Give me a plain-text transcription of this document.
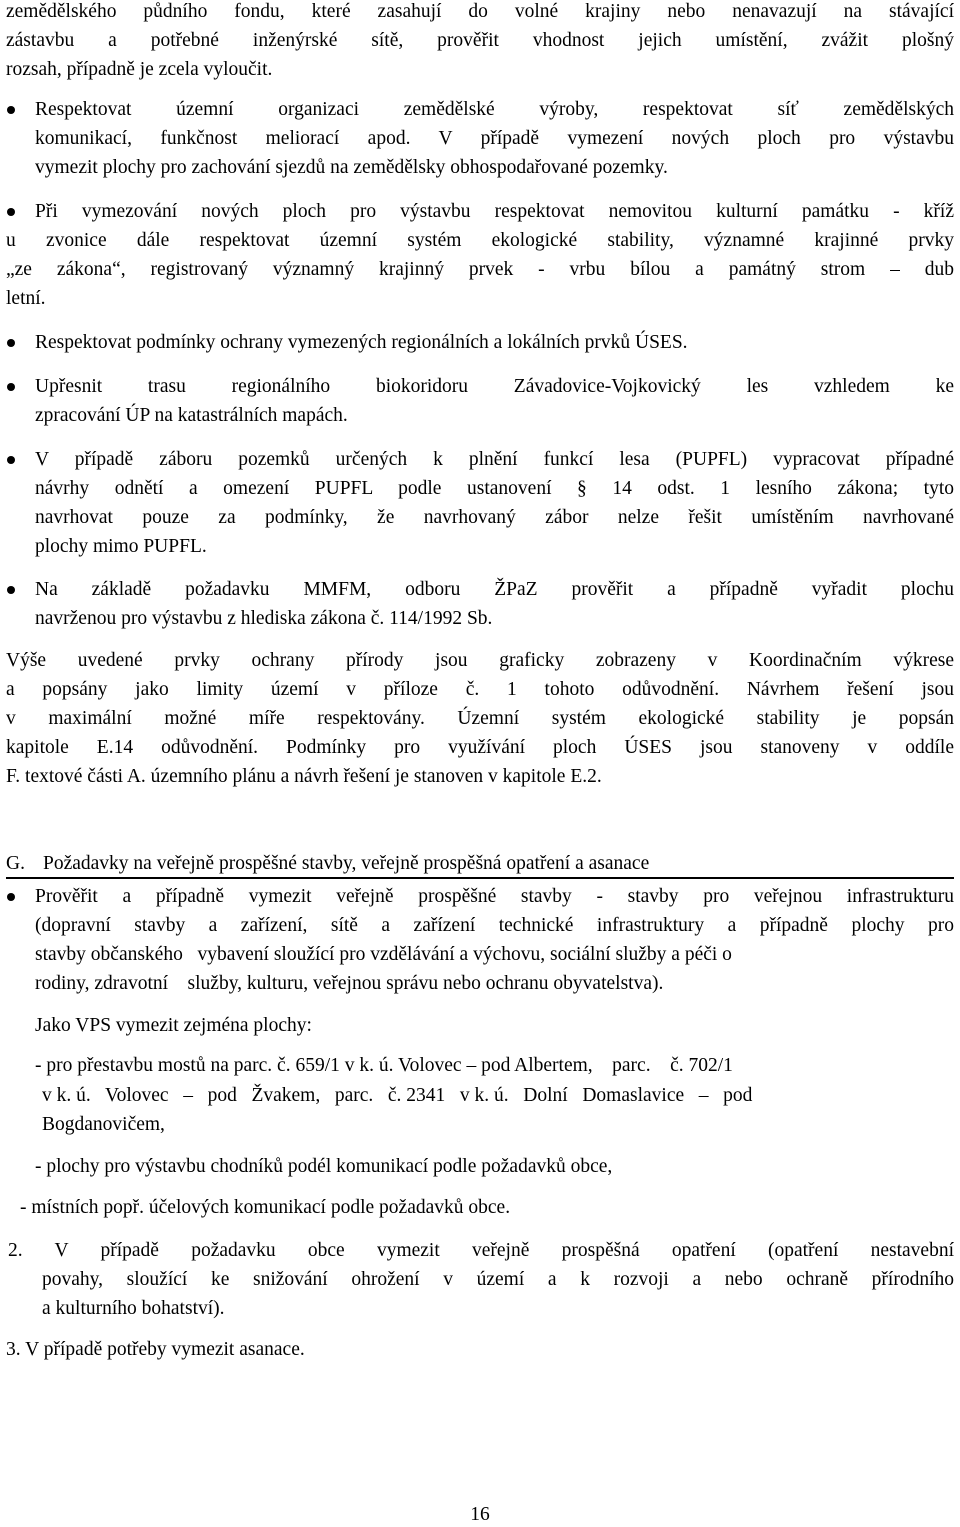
zemědělského půdního fondu, které zasahují do volné krajiny nebo nenavazují na stávající
zástavbu a potřebné inženýrské sítě, prověřit vhodnost jejich umístění, zvážit plošný
rozsah, případně je zcela vyloučit.
Respektovat územní organizaci zemědělské výroby, respektovat síť zemědělských
komunikací, funkčnost meliorací apod. V případě vymezení nových ploch pro výstavbu
vymezit plochy pro zachování sjezdů na zemědělsky obhospodařované pozemky.
Při vymezování nových ploch pro výstavbu respektovat nemovitou kulturní památku - kříž
u zvonice dále respektovat územní systém ekologické stability, významné krajinné prvky
„ze zákona“, registrovaný významný krajinný prvek - vrbu bílou a památný strom – dub
letní.
Respektovat podmínky ochrany vymezených regionálních a lokálních prvků ÚSES.
Upřesnit trasu regionálního biokoridoru Závadovice-Vojkovický les vzhledem ke
zpracování ÚP na katastrálních mapách.
V případě záboru pozemků určených k plnění funkcí lesa (PUPFL) vypracovat případné
návrhy odnětí a omezení PUPFL podle ustanovení § 14 odst. 1 lesního zákona; tyto
navrhovat pouze za podmínky, že navrhovaný zábor nelze řešit umístěním navrhované
plochy mimo PUPFL.
Na základě požadavku MMFM, odboru ŽPaZ prověřit a případně vyřadit plochu
navrženou pro výstavbu z hlediska zákona č. 114/1992 Sb.
Výše uvedené prvky ochrany přírody jsou graficky zobrazeny v Koordinačním výkrese
a popsány jako limity území v příloze č. 1 tohoto odůvodnění. Návrhem řešení jsou
v maximální možné míře respektovány. Územní systém ekologické stability je popsán
kapitole E.14 odůvodnění. Podmínky pro využívání ploch ÚSES jsou stanoveny v oddíle
F. textové části A. územního plánu a návrh řešení je stanoven v kapitole E.2.
G. Požadavky na veřejně prospěšné stavby, veřejně prospěšná opatření a asanace
Prověřit a případně vymezit veřejně prospěšné stavby - stavby pro veřejnou infrastrukturu
(dopravní stavby a zařízení, sítě a zařízení technické infrastruktury a případně plochy pro
stavby občanského   vybavení sloužící pro vzdělávání a výchovu, sociální služby a péči o
rodiny, zdravotní    služby, kulturu, veřejnou správu nebo ochranu obyvatelstva).
Jako VPS vymezit zejména plochy:
- pro přestavbu mostů na parc. č. 659/1 v k. ú. Volovec – pod Albertem,    parc.    č. 702/1
v k. ú.   Volovec   –   pod   Žvakem,   parc.   č. 2341   v k. ú.   Dolní   Domaslavice   –   pod
Bogdanovičem,
- plochy pro výstavbu chodníků podél komunikací podle požadavků obce,
- místních popř. účelových komunikací podle požadavků obce.
2. V případě požadavku obce vymezit veřejně prospěšná opatření (opatření nestavební
povahy, sloužící ke snižování ohrožení v území a k rozvoji a nebo ochraně přírodního
a kulturního bohatství).
3. V případě potřeby vymezit asanace.
16
